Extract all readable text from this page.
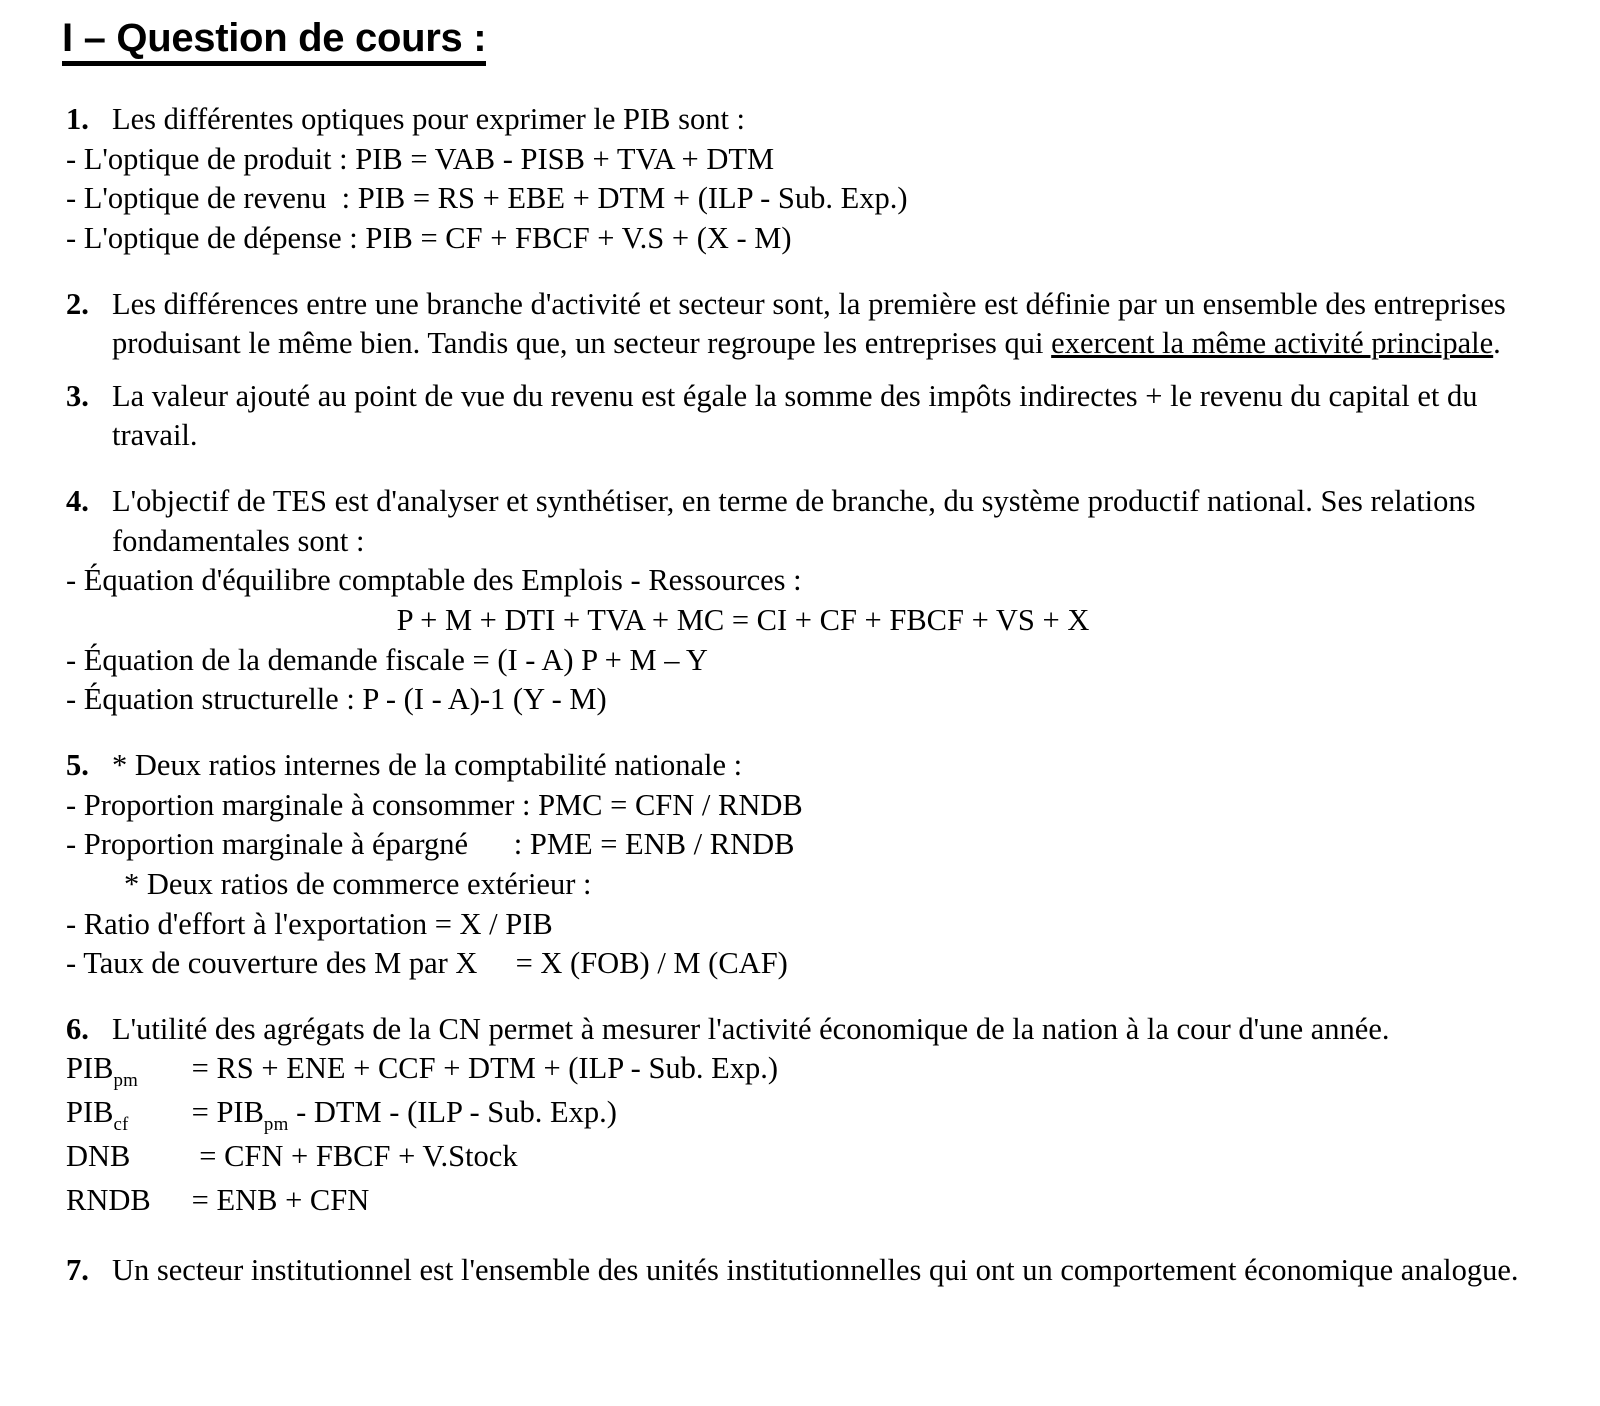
I – Question de cours :
1. Les différentes optiques pour exprimer le PIB sont :
- L'optique de produit : PIB = VAB - PISB + TVA + DTM
- L'optique de revenu  : PIB = RS + EBE + DTM + (ILP - Sub. Exp.)
- L'optique de dépense : PIB = CF + FBCF + V.S + (X - M)
2. Les différences entre une branche d'activité et secteur sont, la première est définie par un ensemble des entreprises produisant le même bien. Tandis que, un secteur regroupe les entreprises qui exercent la même activité principale.
3. La valeur ajouté au point de vue du revenu est égale la somme des impôts indirectes + le revenu du capital et du travail.
4. L'objectif de TES est d'analyser et synthétiser, en terme de branche, du système productif national. Ses relations fondamentales sont :
- Équation d'équilibre comptable des Emplois - Ressources :
P + M + DTI + TVA + MC = CI + CF + FBCF + VS + X
- Équation de la demande fiscale = (I - A) P + M – Y
- Équation structurelle : P - (I - A)-1 (Y - M)
5. * Deux ratios internes de la comptabilité nationale :
- Proportion marginale à consommer : PMC = CFN / RNDB
- Proportion marginale à épargné      : PME = ENB / RNDB
* Deux ratios de commerce extérieur :
- Ratio d'effort à l'exportation = X / PIB
- Taux de couverture des M par X     = X (FOB) / M (CAF)
6. L'utilité des agrégats de la CN permet à mesurer l'activité économique de la nation à la cour d'une année.
$PIB_{pm}$	= RS + ENE + CCF + DTM + (ILP - Sub. Exp.)
$PIB_{cf}$	= $PIB_{pm}$ - DTM - (ILP - Sub. Exp.)
DNB	= CFN + FBCF + V.Stock
RNDB	= ENB + CFN
7. Un secteur institutionnel est l'ensemble des unités institutionnelles qui ont un comportement économique analogue.
